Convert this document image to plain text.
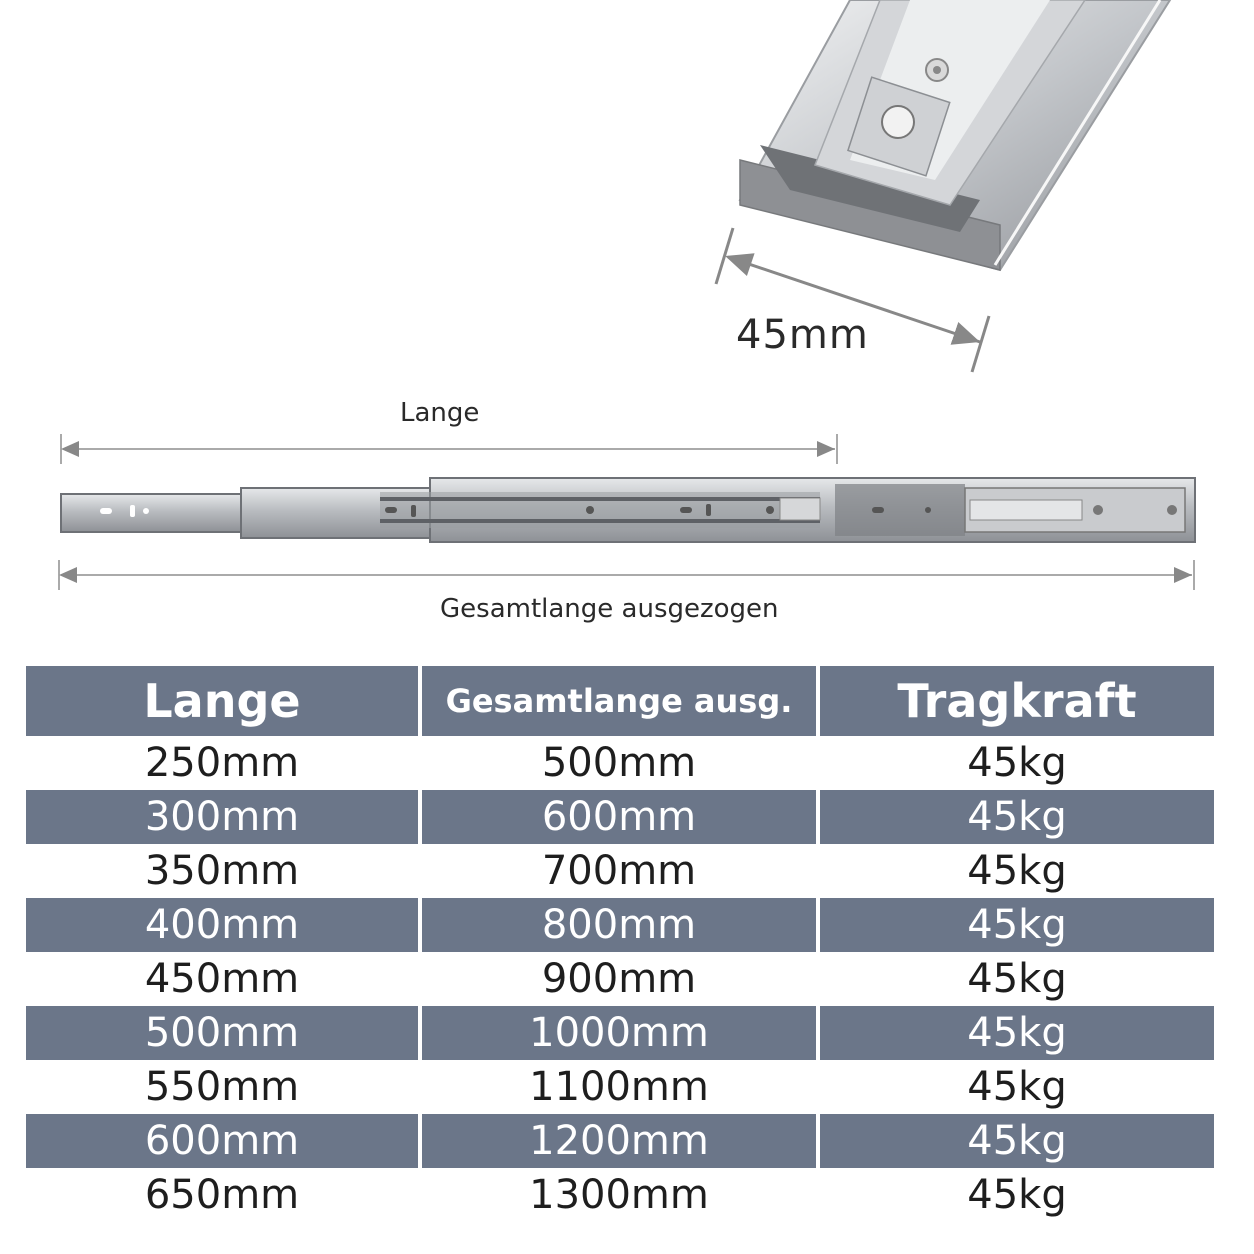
45mm
Lange
Gesamtlange ausgezogen
Lange	Gesamtlange ausg.	Tragkraft
250mm	500mm	45kg
300mm	600mm	45kg
350mm	700mm	45kg
400mm	800mm	45kg
450mm	900mm	45kg
500mm	1000mm	45kg
550mm	1100mm	45kg
600mm	1200mm	45kg
650mm	1300mm	45kg
